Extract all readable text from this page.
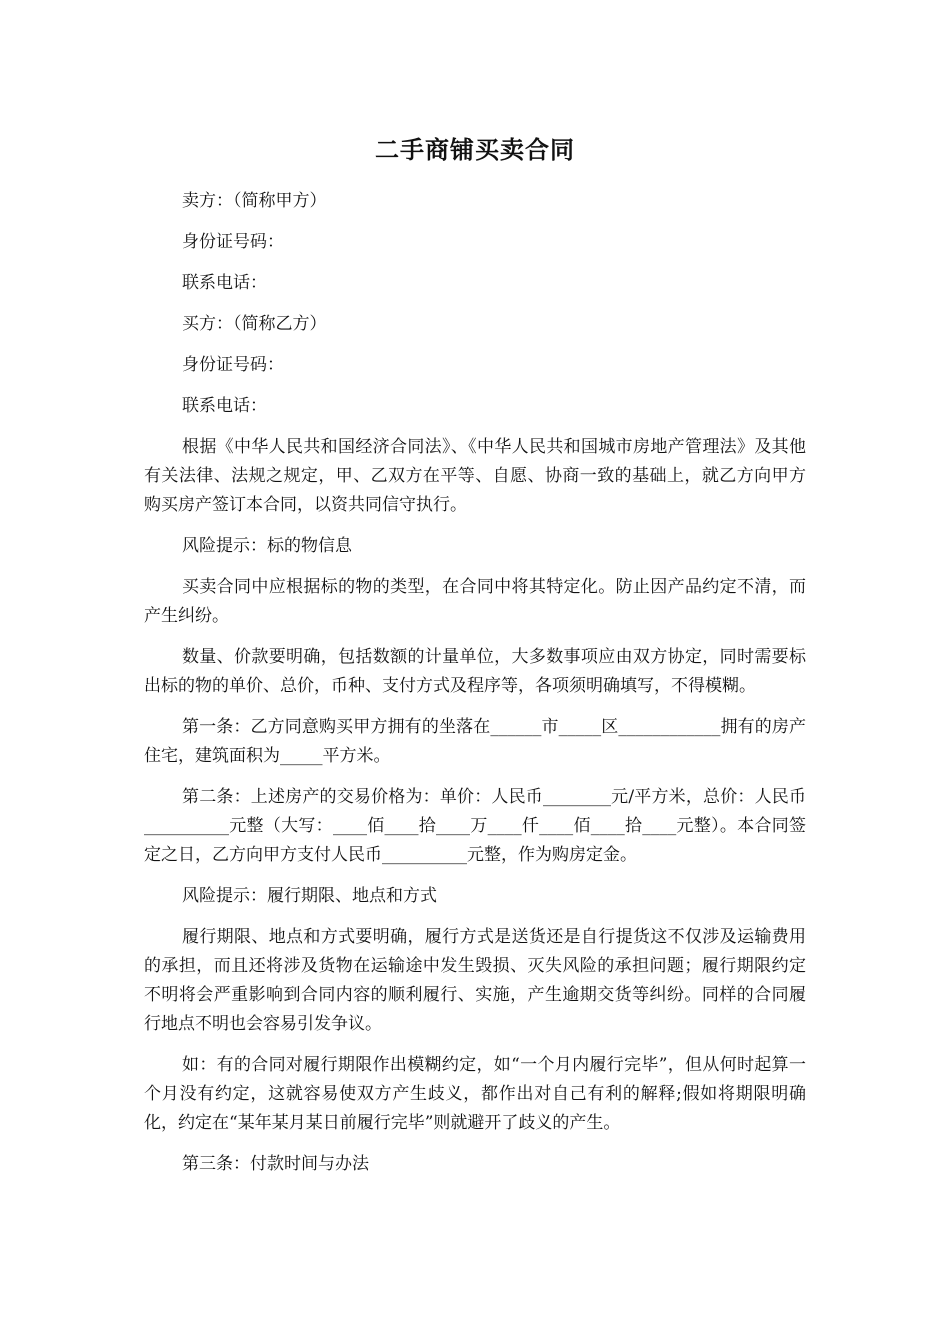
二手商铺买卖合同

卖方：（简称甲方）

身份证号码：

联系电话：

买方：（简称乙方）

身份证号码：

联系电话：

根据《中华人民共和国经济合同法》、《中华人民共和国城市房地产管理法》及其他有关法律、法规之规定，甲、乙双方在平等、自愿、协商一致的基础上，就乙方向甲方购买房产签订本合同，以资共同信守执行。

风险提示：标的物信息

买卖合同中应根据标的物的类型，在合同中将其特定化。防止因产品约定不清，而产生纠纷。

数量、价款要明确，包括数额的计量单位，大多数事项应由双方协定，同时需要标出标的物的单价、总价，币种、支付方式及程序等，各项须明确填写，不得模糊。

第一条：乙方同意购买甲方拥有的坐落在______市_____区____________拥有的房产住宅，建筑面积为_____平方米。

第二条：上述房产的交易价格为：单价：人民币________元/平方米，总价：人民币__________元整（大写：____佰____拾____万____仟____佰____拾____元整）。本合同签定之日，乙方向甲方支付人民币__________元整，作为购房定金。

风险提示：履行期限、地点和方式

履行期限、地点和方式要明确，履行方式是送货还是自行提货这不仅涉及运输费用的承担，而且还将涉及货物在运输途中发生毁损、灭失风险的承担问题；履行期限约定不明将会严重影响到合同内容的顺利履行、实施，产生逾期交货等纠纷。同样的合同履行地点不明也会容易引发争议。

如：有的合同对履行期限作出模糊约定，如“一个月内履行完毕”，但从何时起算一个月没有约定，这就容易使双方产生歧义，都作出对自己有利的解释;假如将期限明确化，约定在“某年某月某日前履行完毕”则就避开了歧义的产生。

第三条：付款时间与办法
